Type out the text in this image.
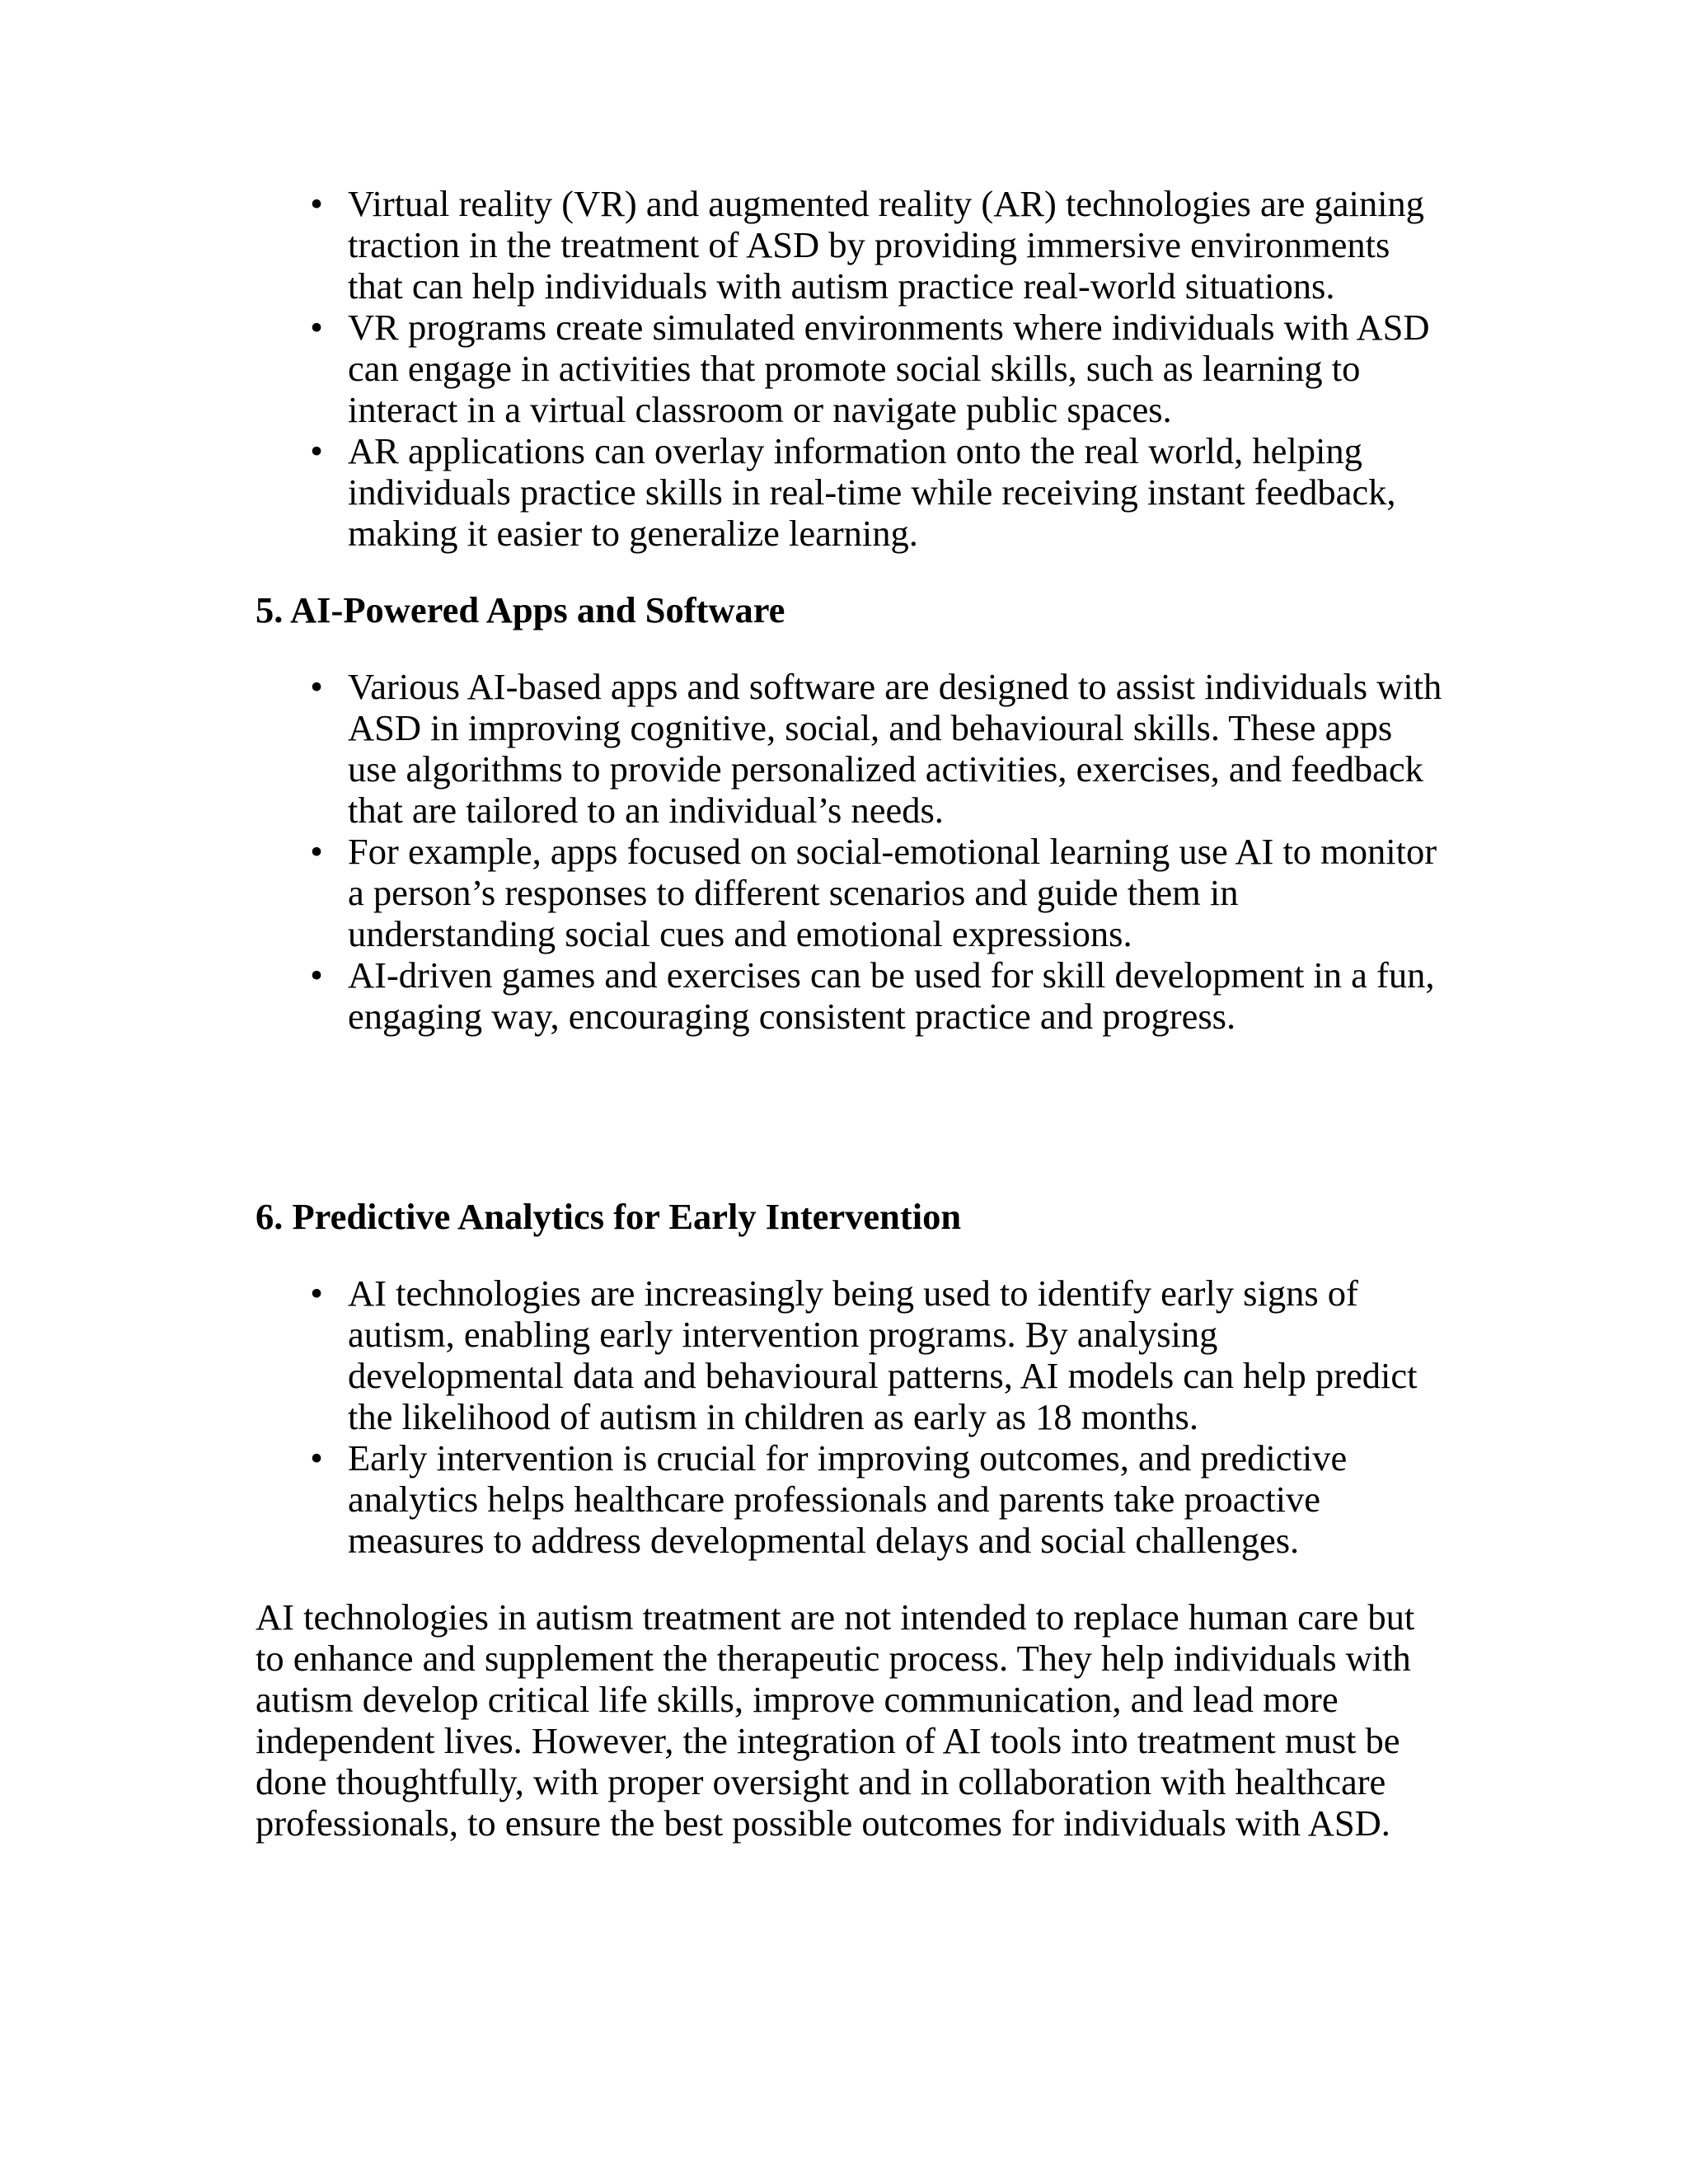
• Virtual reality (VR) and augmented reality (AR) technologies are gaining traction in the treatment of ASD by providing immersive environments that can help individuals with autism practice real-world situations.
• VR programs create simulated environments where individuals with ASD can engage in activities that promote social skills, such as learning to interact in a virtual classroom or navigate public spaces.
• AR applications can overlay information onto the real world, helping individuals practice skills in real-time while receiving instant feedback, making it easier to generalize learning.
5. AI-Powered Apps and Software
• Various AI-based apps and software are designed to assist individuals with ASD in improving cognitive, social, and behavioural skills. These apps use algorithms to provide personalized activities, exercises, and feedback that are tailored to an individual’s needs.
• For example, apps focused on social-emotional learning use AI to monitor a person’s responses to different scenarios and guide them in understanding social cues and emotional expressions.
• AI-driven games and exercises can be used for skill development in a fun, engaging way, encouraging consistent practice and progress.
6. Predictive Analytics for Early Intervention
• AI technologies are increasingly being used to identify early signs of autism, enabling early intervention programs. By analysing developmental data and behavioural patterns, AI models can help predict the likelihood of autism in children as early as 18 months.
• Early intervention is crucial for improving outcomes, and predictive analytics helps healthcare professionals and parents take proactive measures to address developmental delays and social challenges.

AI technologies in autism treatment are not intended to replace human care but to enhance and supplement the therapeutic process. They help individuals with autism develop critical life skills, improve communication, and lead more independent lives. However, the integration of AI tools into treatment must be done thoughtfully, with proper oversight and in collaboration with healthcare professionals, to ensure the best possible outcomes for individuals with ASD.
